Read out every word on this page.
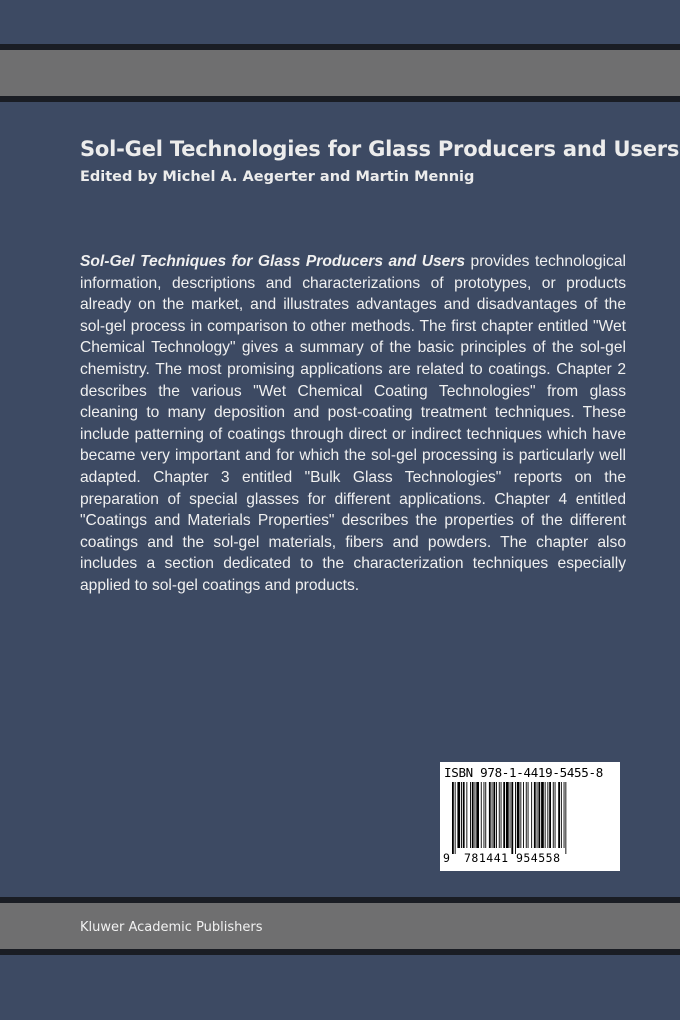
Sol-Gel Technologies for Glass Producers and Users
Edited by Michel A. Aegerter and Martin Mennig
Sol-Gel Techniques for Glass Producers and Users provides technological information, descriptions and characterizations of prototypes, or products already on the market, and illustrates advantages and disadvantages of the sol-gel process in comparison to other methods. The first chapter entitled "Wet Chemical Technology" gives a summary of the basic principles of the sol-gel chemistry. The most promising applications are related to coatings. Chapter 2 describes the various "Wet Chemical Coating Technologies" from glass cleaning to many deposition and post-coating treatment techniques. These include patterning of coatings through direct or indirect techniques which have became very important and for which the sol-gel processing is particularly well adapted. Chapter 3 entitled "Bulk Glass Technologies" reports on the preparation of special glasses for different applications. Chapter 4 entitled "Coatings and Materials Properties" describes the properties of the different coatings and the sol-gel materials, fibers and powders. The chapter also includes a section dedicated to the characterization techniques especially applied to sol-gel coatings and products.
ISBN 978-1-4419-5455-8
9 781441 954558
Kluwer Academic Publishers
